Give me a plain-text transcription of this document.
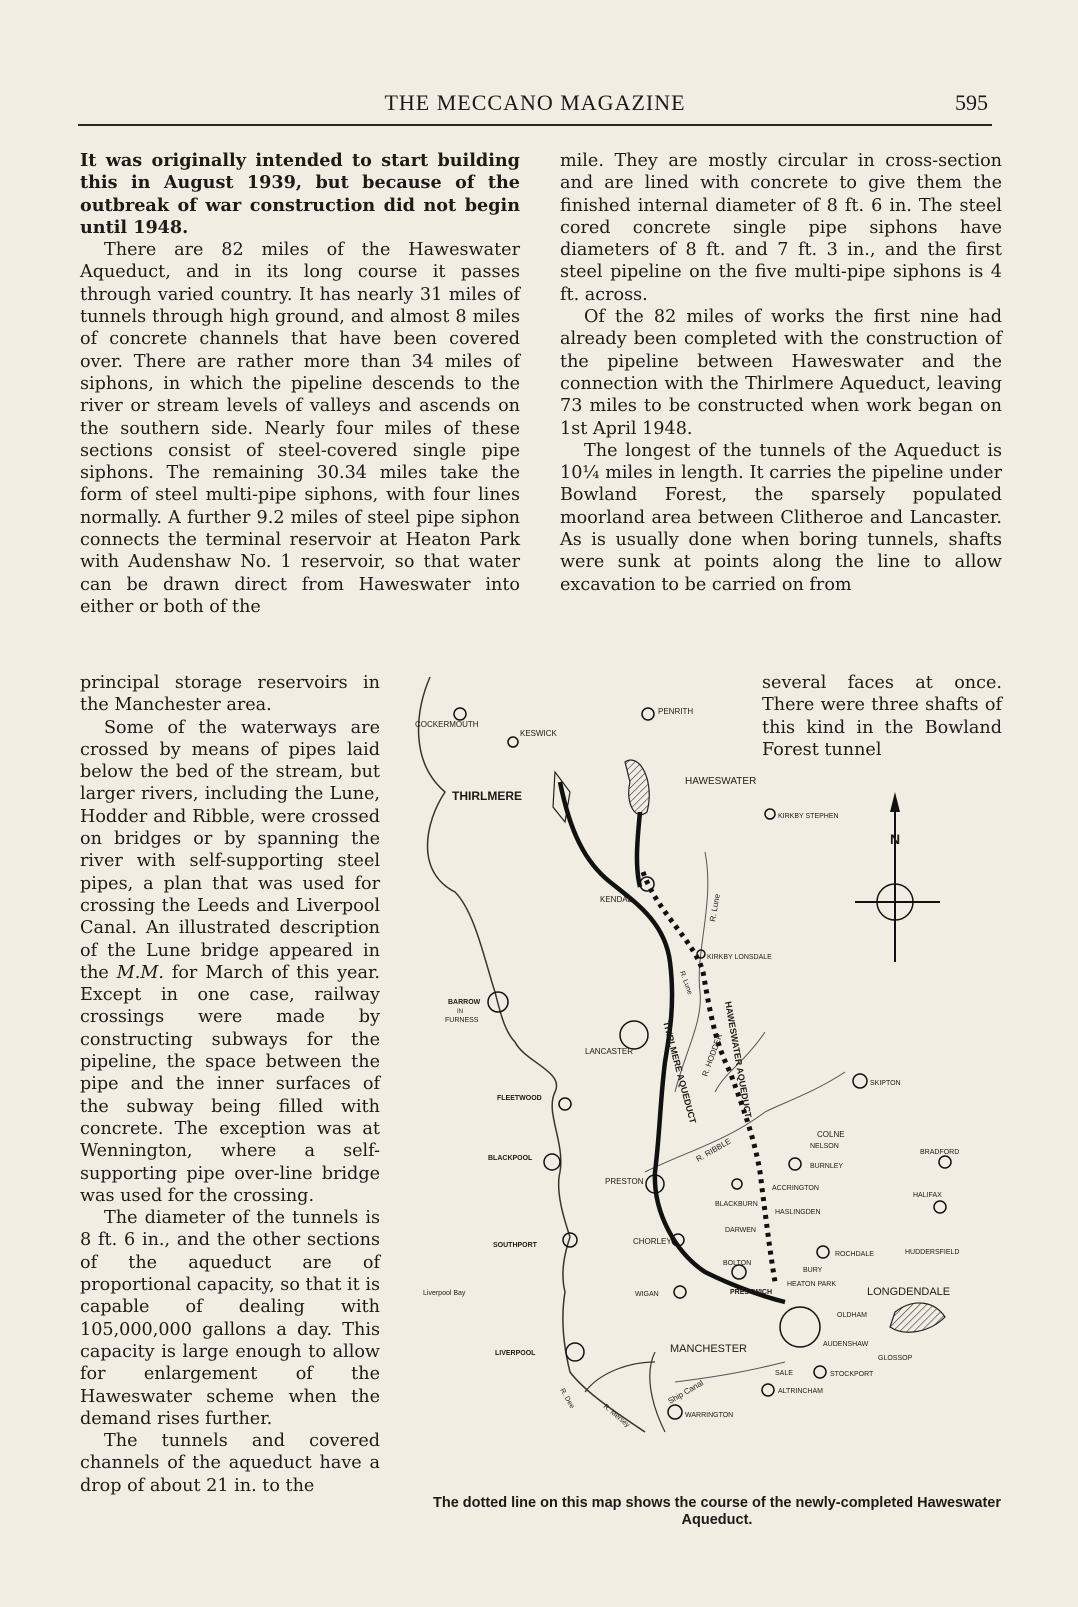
THE MECCANO MAGAZINE	595

It was originally intended to start building this in August 1939, but because of the outbreak of war construction did not begin until 1948.

There are 82 miles of the Haweswater Aqueduct, and in its long course it passes through varied country. It has nearly 31 miles of tunnels through high ground, and almost 8 miles of concrete channels that have been covered over. There are rather more than 34 miles of siphons, in which the pipeline descends to the river or stream levels of valleys and ascends on the southern side. Nearly four miles of these sections consist of steel-covered single pipe siphons. The remaining 30.34 miles take the form of steel multi-pipe siphons, with four lines normally. A further 9.2 miles of steel pipe siphon connects the terminal reservoir at Heaton Park with Audenshaw No. 1 reservoir, so that water can be drawn direct from Haweswater into either or both of the

principal storage reservoirs in the Manchester area.

Some of the waterways are crossed by means of pipes laid below the bed of the stream, but larger rivers, including the Lune, Hodder and Ribble, were crossed on bridges or by spanning the river with self-supporting steel pipes, a plan that was used for crossing the Leeds and Liverpool Canal. An illustrated description of the Lune bridge appeared in the M.M. for March of this year. Except in one case, railway crossings were made by constructing subways for the pipeline, the space between the pipe and the inner surfaces of the subway being filled with concrete. The exception was at Wennington, where a self-supporting pipe over-line bridge was used for the crossing.

The diameter of the tunnels is 8 ft. 6 in., and the other sections of the aqueduct are of proportional capacity, so that it is capable of dealing with 105,000,000 gallons a day. This capacity is large enough to allow for enlargement of the Haweswater scheme when the demand rises further.

The tunnels and covered channels of the aqueduct have a drop of about 21 in. to the

mile. They are mostly circular in cross-section and are lined with concrete to give them the finished internal diameter of 8 ft. 6 in. The steel cored concrete single pipe siphons have diameters of 8 ft. and 7 ft. 3 in., and the first steel pipeline on the five multi-pipe siphons is 4 ft. across.

Of the 82 miles of works the first nine had already been completed with the construction of the pipeline between Haweswater and the connection with the Thirlmere Aqueduct, leaving 73 miles to be constructed when work began on 1st April 1948.

The longest of the tunnels of the Aqueduct is 10¼ miles in length. It carries the pipeline under Bowland Forest, the sparsely populated moorland area between Clitheroe and Lancaster. As is usually done when boring tunnels, shafts were sunk at points along the line to allow excavation to be carried on from

several faces at once. There were three shafts of this kind in the Bowland Forest tunnel

N
COCKERMOUTH
KESWICK
PENRITH
HAWESWATER
THIRLMERE
KIRKBY STEPHEN
KENDAL	R. Lune
KIRKBY LONSDALE
BARROW
IN
FURNESS
LANCASTER	THIRLMERE AQUEDUCT	HAWESWATER AQUEDUCT
R. Lune
R. HODDER
SKIPTON
FLEETWOOD
COLNE
NELSON
BRADFORD
BLACKPOOL	R. RIBBLE
BURNLEY
PRESTON
ACCRINGTON
HALIFAX
BLACKBURN
HASLINGDEN
DARWEN
SOUTHPORT	CHORLEY
ROCHDALE	HUDDERSFIELD
BOLTON
BURY
Liverpool Bay	WIGAN	PRESTWICH
HEATON PARK
LONGDENDALE
OLDHAM
LIVERPOOL	MANCHESTER	AUDENSHAW
GLOSSOP
SALE	STOCKPORT
Ship Canal	ALTRINCHAM
R. Dee
R. Mersey	WARRINGTON
The dotted line on this map shows the course of the newly-completed Haweswater Aqueduct.
